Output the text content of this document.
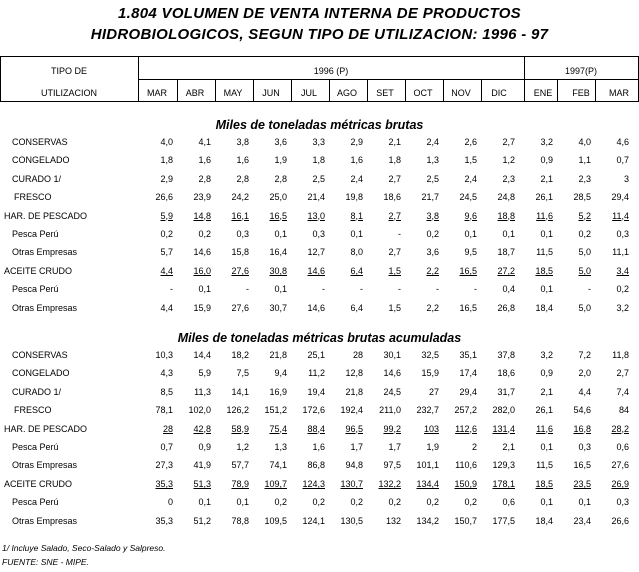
1.804 VOLUMEN DE VENTA INTERNA DE PRODUCTOS
HIDROBIOLOGICOS, SEGUN TIPO DE UTILIZACION: 1996 - 97
TIPO DE
UTILIZACION
1996 (P)	1997(P)
MAR	ABR	MAY	JUN	JUL	AGO	SET	OCT	NOV	DIC	ENE	FEB	MAR
Miles de toneladas métricas brutas
CONSERVAS	4,0	4,1	3,8	3,6	3,3	2,9	2,1	2,4	2,6	2,7	3,2	4,0	4,6
CONGELADO	1,8	1,6	1,6	1,9	1,8	1,6	1,8	1,3	1,5	1,2	0,9	1,1	0,7
CURADO 1/	2,9	2,8	2,8	2,8	2,5	2,4	2,7	2,5	2,4	2,3	2,1	2,3	3
FRESCO	26,6	23,9	24,2	25,0	21,4	19,8	18,6	21,7	24,5	24,8	26,1	28,5	29,4
HAR. DE PESCADO	5,9	14,8	16,1	16,5	13,0	8,1	2,7	3,8	9,6	18,8	11,6	5,2	11,4
Pesca Perú	0,2	0,2	0,3	0,1	0,3	0,1	-	0,2	0,1	0,1	0,1	0,2	0,3
Otras Empresas	5,7	14,6	15,8	16,4	12,7	8,0	2,7	3,6	9,5	18,7	11,5	5,0	11,1
ACEITE CRUDO	4,4	16,0	27,6	30,8	14,6	6,4	1,5	2,2	16,5	27,2	18,5	5,0	3,4
Pesca Perú	-	0,1	-	0,1	-	-	-	-	-	0,4	0,1	-	0,2
Otras Empresas	4,4	15,9	27,6	30,7	14,6	6,4	1,5	2,2	16,5	26,8	18,4	5,0	3,2
Miles de toneladas métricas brutas acumuladas
CONSERVAS	10,3	14,4	18,2	21,8	25,1	28	30,1	32,5	35,1	37,8	3,2	7,2	11,8
CONGELADO	4,3	5,9	7,5	9,4	11,2	12,8	14,6	15,9	17,4	18,6	0,9	2,0	2,7
CURADO 1/	8,5	11,3	14,1	16,9	19,4	21,8	24,5	27	29,4	31,7	2,1	4,4	7,4
FRESCO	78,1	102,0	126,2	151,2	172,6	192,4	211,0	232,7	257,2	282,0	26,1	54,6	84
HAR. DE PESCADO	28	42,8	58,9	75,4	88,4	96,5	99,2	103	112,6	131,4	11,6	16,8	28,2
Pesca Perú	0,7	0,9	1,2	1,3	1,6	1,7	1,7	1,9	2	2,1	0,1	0,3	0,6
Otras Empresas	27,3	41,9	57,7	74,1	86,8	94,8	97,5	101,1	110,6	129,3	11,5	16,5	27,6
ACEITE CRUDO	35,3	51,3	78,9	109,7	124,3	130,7	132,2	134,4	150,9	178,1	18,5	23,5	26,9
Pesca Perú	0	0,1	0,1	0,2	0,2	0,2	0,2	0,2	0,2	0,6	0,1	0,1	0,3
Otras Empresas	35,3	51,2	78,8	109,5	124,1	130,5	132	134,2	150,7	177,5	18,4	23,4	26,6
1/ Incluye Salado, Seco-Salado y Salpreso.
FUENTE: SNE - MIPE.
